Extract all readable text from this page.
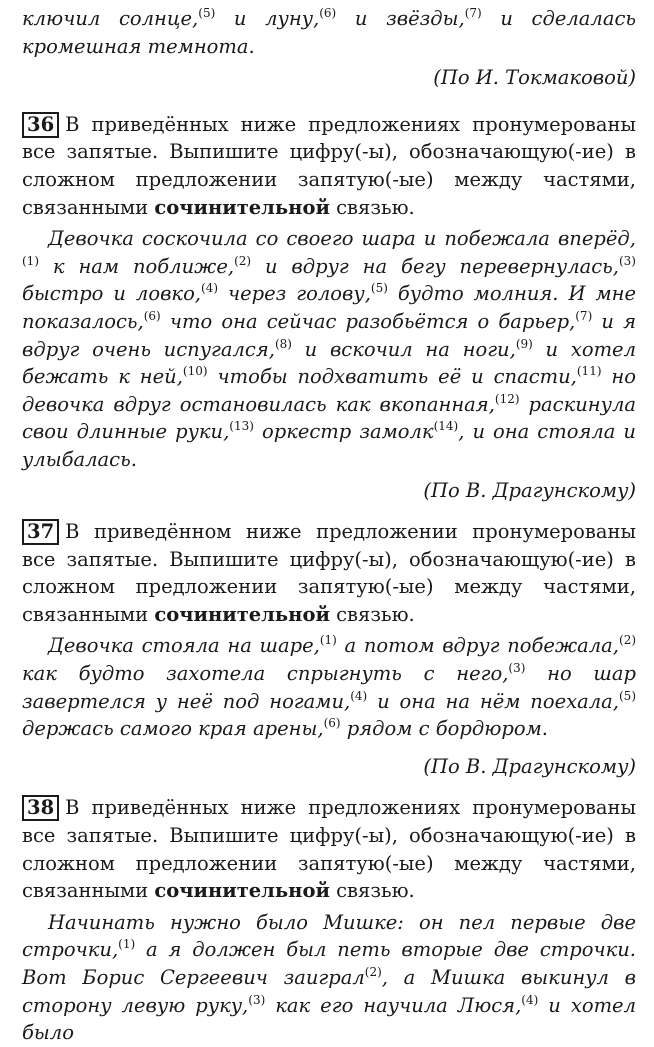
ключил солнце,$^{(5)}$ и луну,$^{(6)}$ и звёзды,$^{(7)}$ и сделалась кромешная темнота.

(По И. Токмаковой)

36 В приведённых ниже предложениях пронумерованы все запятые. Выпишите цифру(-ы), обозначающую(-ие) в сложном предложении запятую(-ые) между частями, связанными сочинительной связью.

Девочка соскочила со своего шара и побежала вперёд,$^{(1)}$ к нам поближе,$^{(2)}$ и вдруг на бегу перевернулась,$^{(3)}$ быстро и ловко,$^{(4)}$ через голову,$^{(5)}$ будто молния. И мне показалось,$^{(6)}$ что она сейчас разобьётся о барьер,$^{(7)}$ и я вдруг очень испугался,$^{(8)}$ и вскочил на ноги,$^{(9)}$ и хотел бежать к ней,$^{(10)}$ чтобы подхватить её и спасти,$^{(11)}$ но девочка вдруг остановилась как вкопанная,$^{(12)}$ раскинула свои длинные руки,$^{(13)}$ оркестр замолк$^{(14)}$, и она стояла и улыбалась.

(По В. Драгунскому)

37 В приведённом ниже предложении пронумерованы все запятые. Выпишите цифру(-ы), обозначающую(-ие) в сложном предложении запятую(-ые) между частями, связанными сочинительной связью.

Девочка стояла на шаре,$^{(1)}$ а потом вдруг побежала,$^{(2)}$ как будто захотела спрыгнуть с него,$^{(3)}$ но шар завертелся у неё под ногами,$^{(4)}$ и она на нём поехала,$^{(5)}$ держась самого края арены,$^{(6)}$ рядом с бордюром.

(По В. Драгунскому)

38 В приведённых ниже предложениях пронумерованы все запятые. Выпишите цифру(-ы), обозначающую(-ие) в сложном предложении запятую(-ые) между частями, связанными сочинительной связью.

Начинать нужно было Мишке: он пел первые две строчки,$^{(1)}$ а я должен был петь вторые две строчки. Вот Борис Сергеевич заиграл$^{(2)}$, а Мишка выкинул в сторону левую руку,$^{(3)}$ как его научила Люся,$^{(4)}$ и хотел было
